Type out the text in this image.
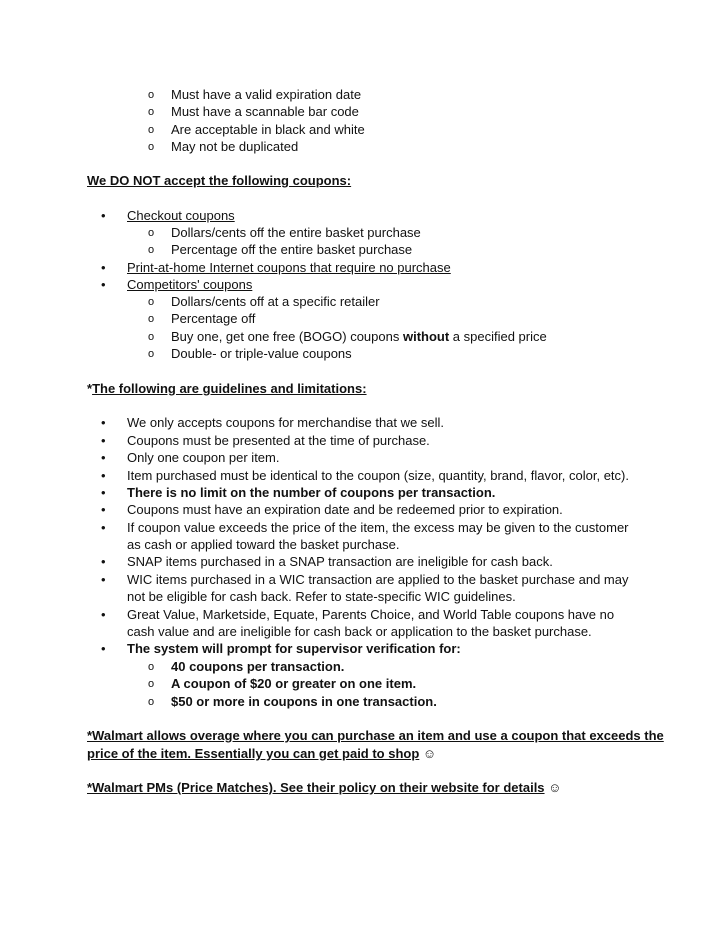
o Must have a valid expiration date
o Must have a scannable bar code
o Are acceptable in black and white
o May not be duplicated
We DO NOT accept the following coupons:
• Checkout coupons
o Dollars/cents off the entire basket purchase
o Percentage off the entire basket purchase
• Print-at-home Internet coupons that require no purchase
• Competitors' coupons
o Dollars/cents off at a specific retailer
o Percentage off
o Buy one, get one free (BOGO) coupons without a specified price
o Double- or triple-value coupons
*The following are guidelines and limitations:
• We only accepts coupons for merchandise that we sell.
• Coupons must be presented at the time of purchase.
• Only one coupon per item.
• Item purchased must be identical to the coupon (size, quantity, brand, flavor, color, etc).
• There is no limit on the number of coupons per transaction.
• Coupons must have an expiration date and be redeemed prior to expiration.
• If coupon value exceeds the price of the item, the excess may be given to the customer
as cash or applied toward the basket purchase.
• SNAP items purchased in a SNAP transaction are ineligible for cash back.
• WIC items purchased in a WIC transaction are applied to the basket purchase and may
not be eligible for cash back. Refer to state-specific WIC guidelines.
• Great Value, Marketside, Equate, Parents Choice, and World Table coupons have no
cash value and are ineligible for cash back or application to the basket purchase.
• The system will prompt for supervisor verification for:
o 40 coupons per transaction.
o A coupon of $20 or greater on one item.
o $50 or more in coupons in one transaction.
*Walmart allows overage where you can purchase an item and use a coupon that exceeds the
price of the item. Essentially you can get paid to shop ☺
*Walmart PMs (Price Matches). See their policy on their website for details ☺
